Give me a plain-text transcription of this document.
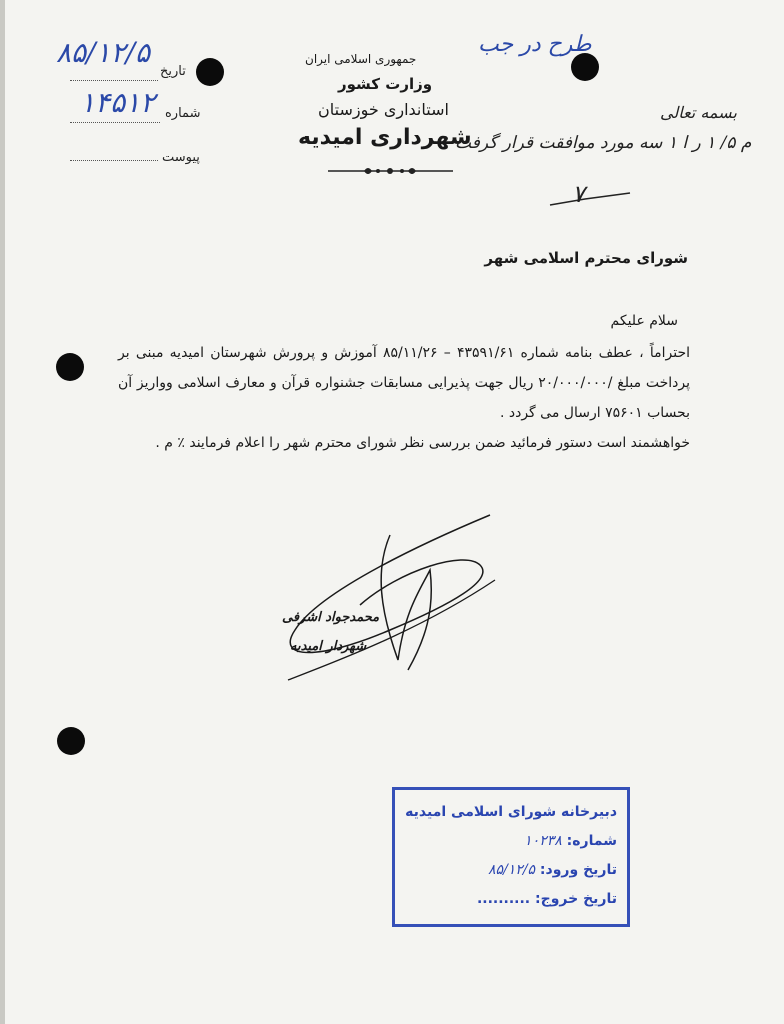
تاریخ
۸۵/۱۲/۵
شماره
۱۴۵۱۲
پیوست
جمهوری اسلامی ایران
وزارت کشور
استانداری خوزستان
شهرداری امیدیه
طرح در جب
بسمه تعالی
م ۵/ ۱ ر ا ۱ سه مورد موافقت قرار گرفت
۷
شورای محترم اسلامی شهر
سلام علیکم

احتراماً ، عطف بنامه شماره ۴۳۵۹۱/۶۱ – ۸۵/۱۱/۲۶ آموزش و پرورش شهرستان امیدیه مبنی بر پرداخت مبلغ /۲۰/۰۰۰/۰۰۰ ریال جهت پذیرایی مسابقات جشنواره قرآن و معارف اسلامی وواریز آن بحساب ۷۵۶۰۱ ارسال می گردد .

خواهشمند است دستور فرمائید ضمن بررسی نظر شورای محترم شهر را اعلام فرمایند ٪ م .

محمدجواد اشرفی
شهردار امیدیه
دبیرخانه شورای اسلامی امیدیه
شماره: ۱۰۲۳۸
تاریخ ورود: ۸۵/۱۲/۵
تاریخ خروج: ..........
